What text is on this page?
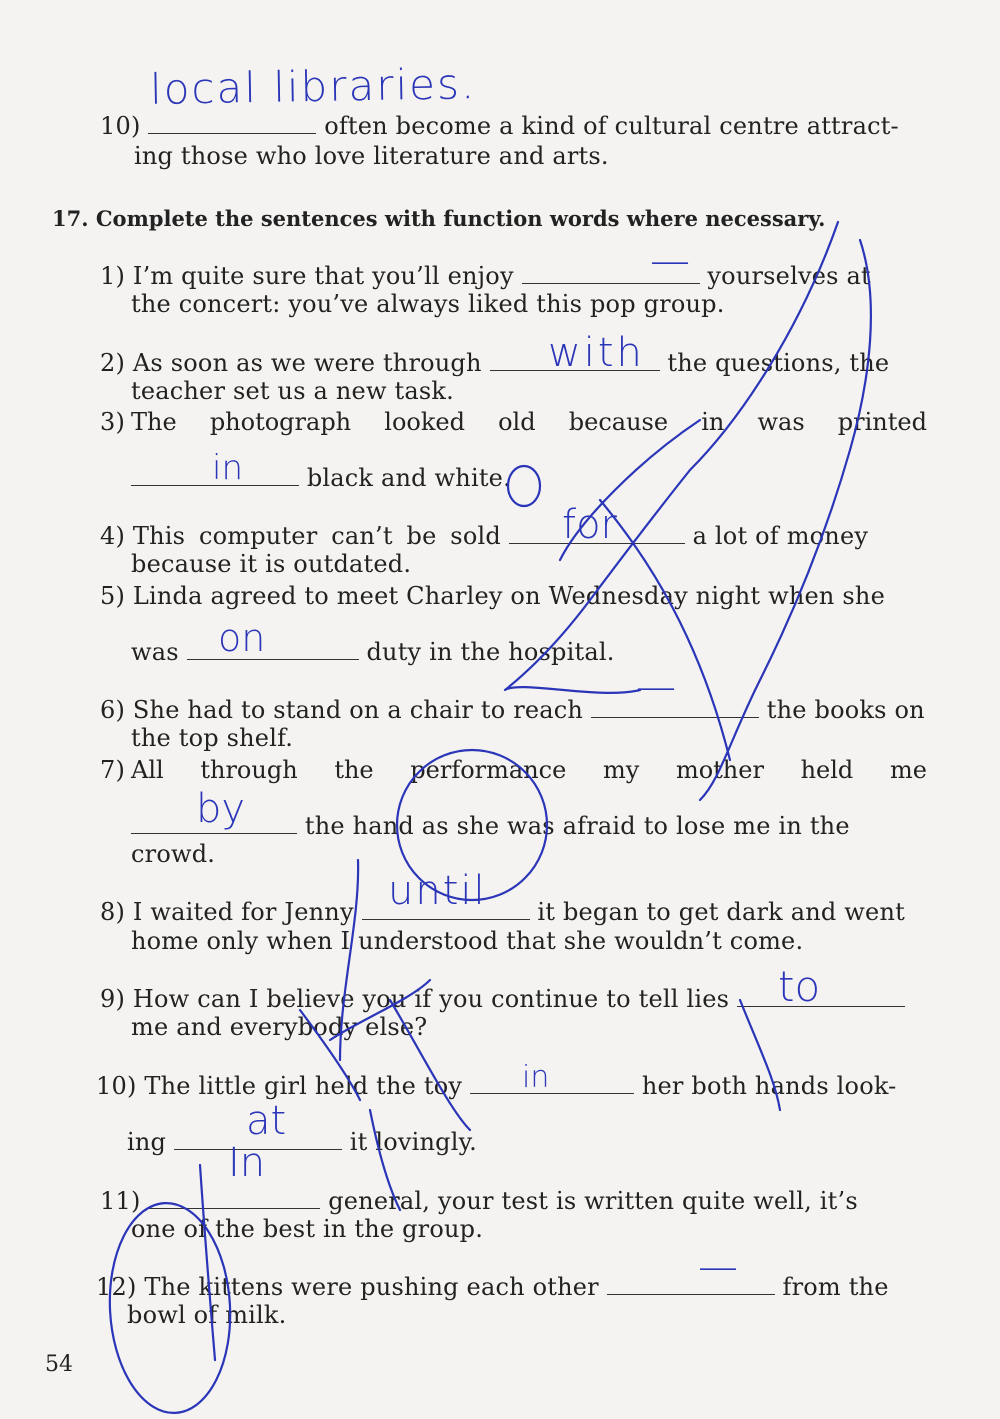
local libraries.
10)	often become a kind of cultural centre attract-
ing those who love literature and arts.
17. Complete the sentences with function words where necessary.
1) I’m quite sure that you’ll enjoy	yourselves at
the concert: you’ve always liked this pop group.
2) As soon as we were through	the questions, the
teacher set us a new task.
3) The photograph looked old because in was printed
black and white.
4) This computer can’t be sold	a lot of money
because it is outdated.
5) Linda agreed to meet Charley on Wednesday night when she
was	duty in the hospital.
6) She had to stand on a chair to reach	the books on
the top shelf.
7) All through the performance my mother held me
the hand as she was afraid to lose me in the
crowd.
8) I waited for Jenny	it began to get dark and went
home only when I understood that she wouldn’t come.
9) How can I believe you if you continue to tell lies
me and everybody else?
10) The little girl held the toy	her both hands look-
ing	it lovingly.
11)	general, your test is written quite well, it’s
one of the best in the group.
12) The kittens were pushing each other	from the
bowl of milk.
54
—
with
in
for
on
—
by
until
to
in
at
In
—
